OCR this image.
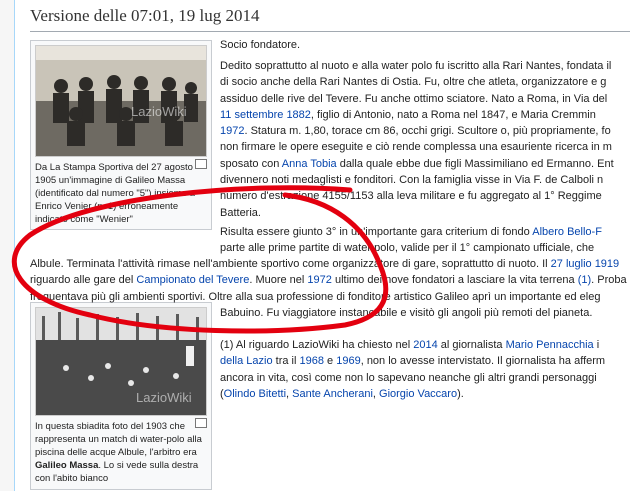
Versione delle 07:01, 19 lug 2014
LazioWiki
Da La Stampa Sportiva del 27 agosto
1905 un'immagine di Galileo Massa
(identificato dal numero "5") insieme a
Enrico Venier (n. 1) erroneamente
indicato come "Wenier"
LazioWiki
In questa sbiadita foto del 1903 che
rappresenta un match di water-polo alla
piscina delle acque Albule, l'arbitro era
Galileo Massa. Lo si vede sulla destra
con l'abito bianco
Socio fondatore.
Dedito soprattutto al nuoto e alla water polo fu iscritto alla Rari Nantes, fondata il
di socio anche della Rari Nantes di Ostia. Fu, oltre che atleta, organizzatore e g
assiduo delle rive del Tevere. Fu anche ottimo sciatore. Nato a Roma, in Via del
11 settembre 1882, figlio di Antonio, nato a Roma nel 1847, e Maria Cremmin
1972. Statura m. 1,80, torace cm 86, occhi grigi. Scultore o, più propriamente, fo
non firmare le opere eseguite e ciò rende complessa una esauriente ricerca in m
sposato con Anna Tobia dalla quale ebbe due figli Massimiliano ed Ermanno. Ent
divennero noti medaglisti e fonditori. Con la famiglia visse in Via F. de Calboli n
numero d'estrazione 4155/1153 alla leva militare e fu aggregato al 1° Reggime
Batteria.
Risulta essere giunto 3° in un'importante gara criterium di fondo Albero Bello-F
parte alle prime partite di water polo, valide per il 1° campionato ufficiale, che
Albule. Terminata l'attività rimase nell'ambiente sportivo come organizzatore di gare, soprattutto di nuoto. Il 27 luglio 1919
riguardo alle gare del Campionato del Tevere. Muore nel 1972 ultimo dei nove fondatori a lasciare la vita terrena (1). Proba
frequentava più gli ambienti sportivi. Oltre alla sua professione di fonditore artistico Galileo aprì un importante ed eleg
Babuino. Fu viaggiatore instancabile e visitò gli angoli più remoti del pianeta.
(1) Al riguardo LazioWiki ha chiesto nel 2014 al giornalista Mario Pennacchia i
della Lazio tra il 1968 e 1969, non lo avesse intervistato. Il giornalista ha afferm
ancora in vita, così come non lo sapevano neanche gli altri grandi personaggi
(Olindo Bitetti, Sante Ancherani, Giorgio Vaccaro).
